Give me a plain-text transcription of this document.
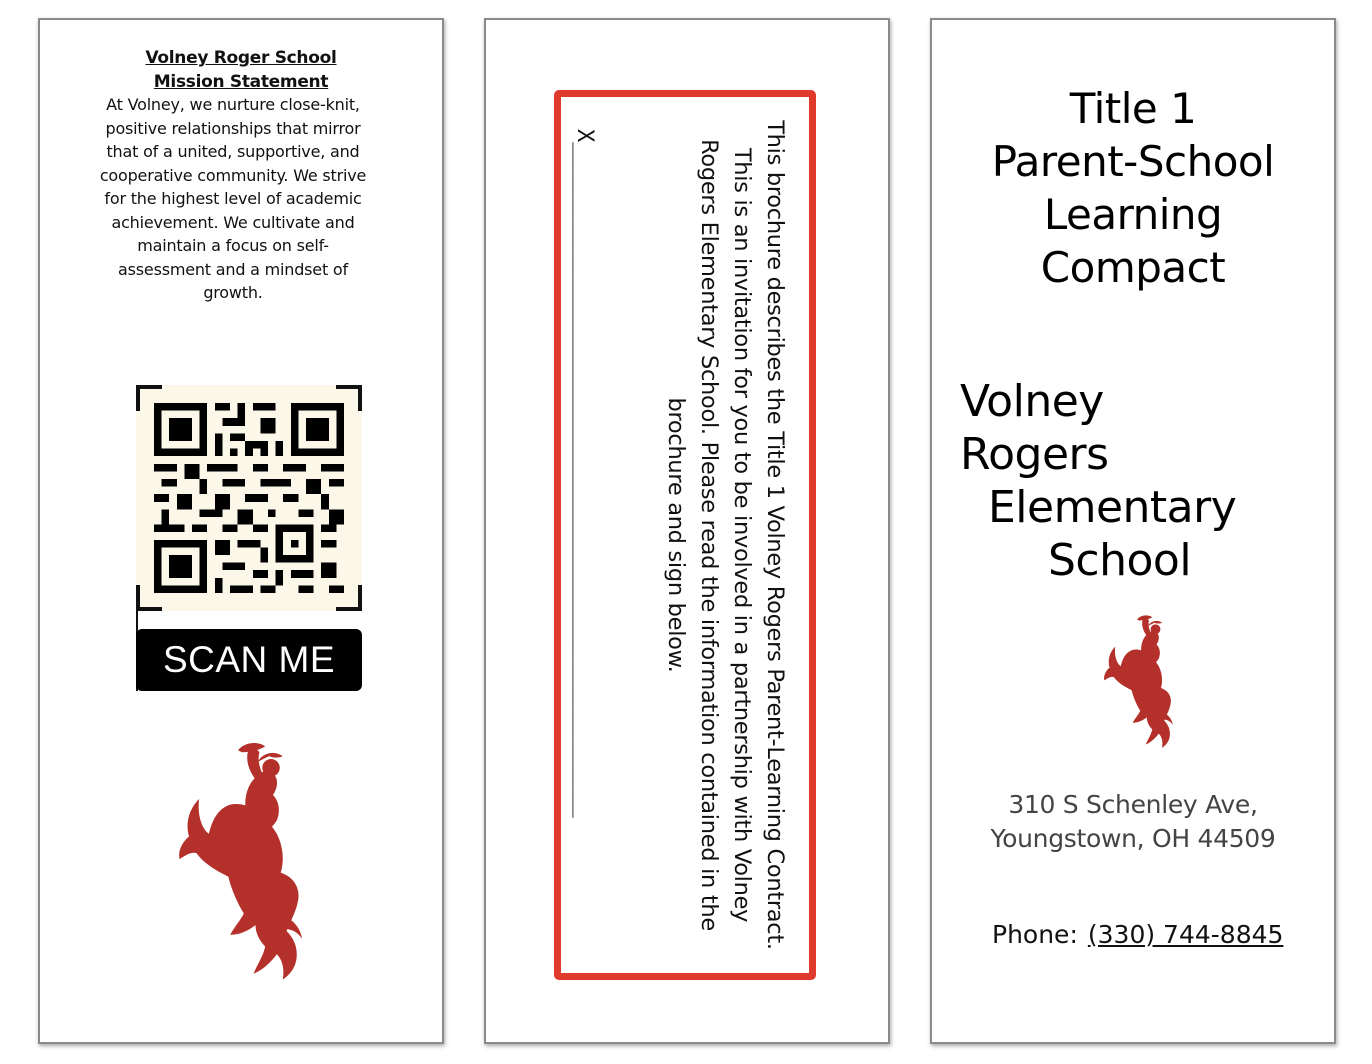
Volney Roger School
Mission Statement
At Volney, we nurture close-knit, positive relationships that mirror that of a united, supportive, and cooperative community. We strive for the highest level of academic achievement. We cultivate and maintain a focus on self-assessment and a mindset of growth.
SCAN ME	This brochure describes the Title 1 Volney Rogers Parent-Learning Contract. This is an invitation for you to be involved in a partnership with Volney Rogers Elementary School. Please read the information contained in the brochure and sign below.

X___________________________________________________
Title 1
Parent-School
Learning
Compact
Volney
Rogers
Elementary
School
310 S Schenley Ave,
Youngstown, OH 44509
Phone: (330) 744-8845
